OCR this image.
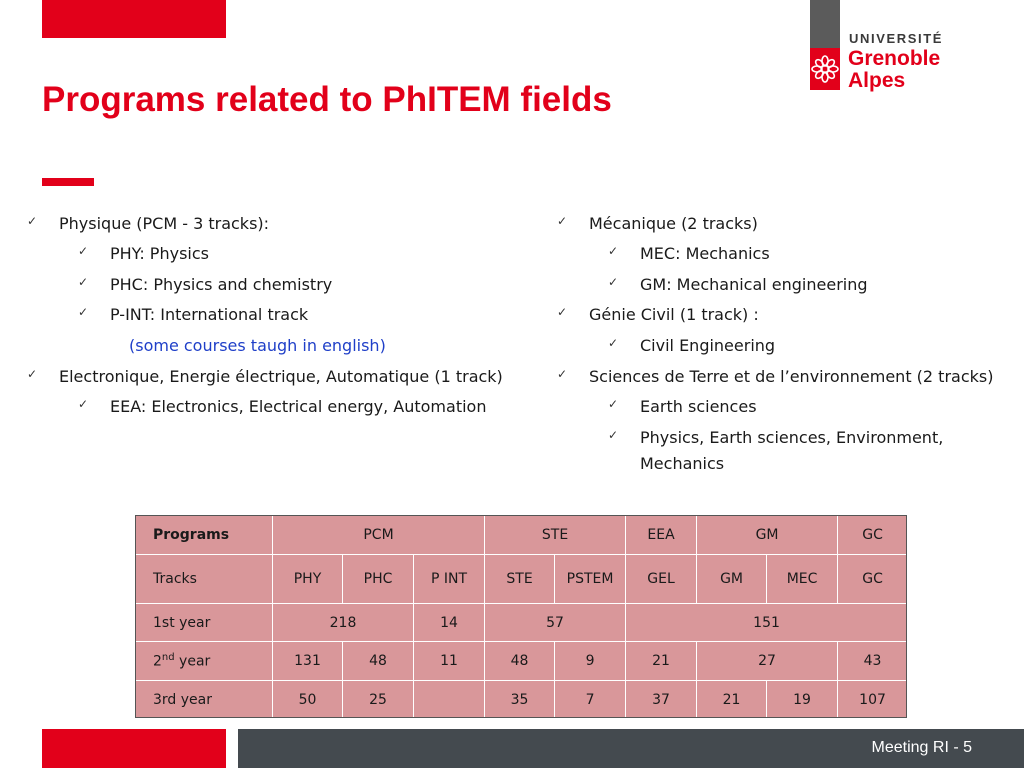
UNIVERSITÉ
Grenoble
Alpes
Programs related to PhITEM fields
✓ Physique (PCM - 3 tracks):
✓ PHY: Physics
✓ PHC: Physics and chemistry
✓ P-INT: International track
(some courses taugh in english)
✓ Electronique, Energie électrique, Automatique (1 track)
✓ EEA: Electronics, Electrical energy, Automation
✓ Mécanique (2 tracks)
✓ MEC: Mechanics
✓ GM: Mechanical engineering
✓ Génie Civil (1 track) :
✓ Civil Engineering
✓ Sciences de Terre et de l’environnement (2 tracks)
✓ Earth sciences
✓ Physics, Earth sciences, Environment,
Mechanics
Programs	PCM			STE		EEA	GM		GC
Tracks	PHY	PHC	P INT	STE	PSTEM	GEL	GM	MEC	GC
1st year	218		14	57		151			
2nd year	131	48	11	48	9	21	27		43
3rd year	50	25		35	7	37	21	19	107
Meeting RI - 5
